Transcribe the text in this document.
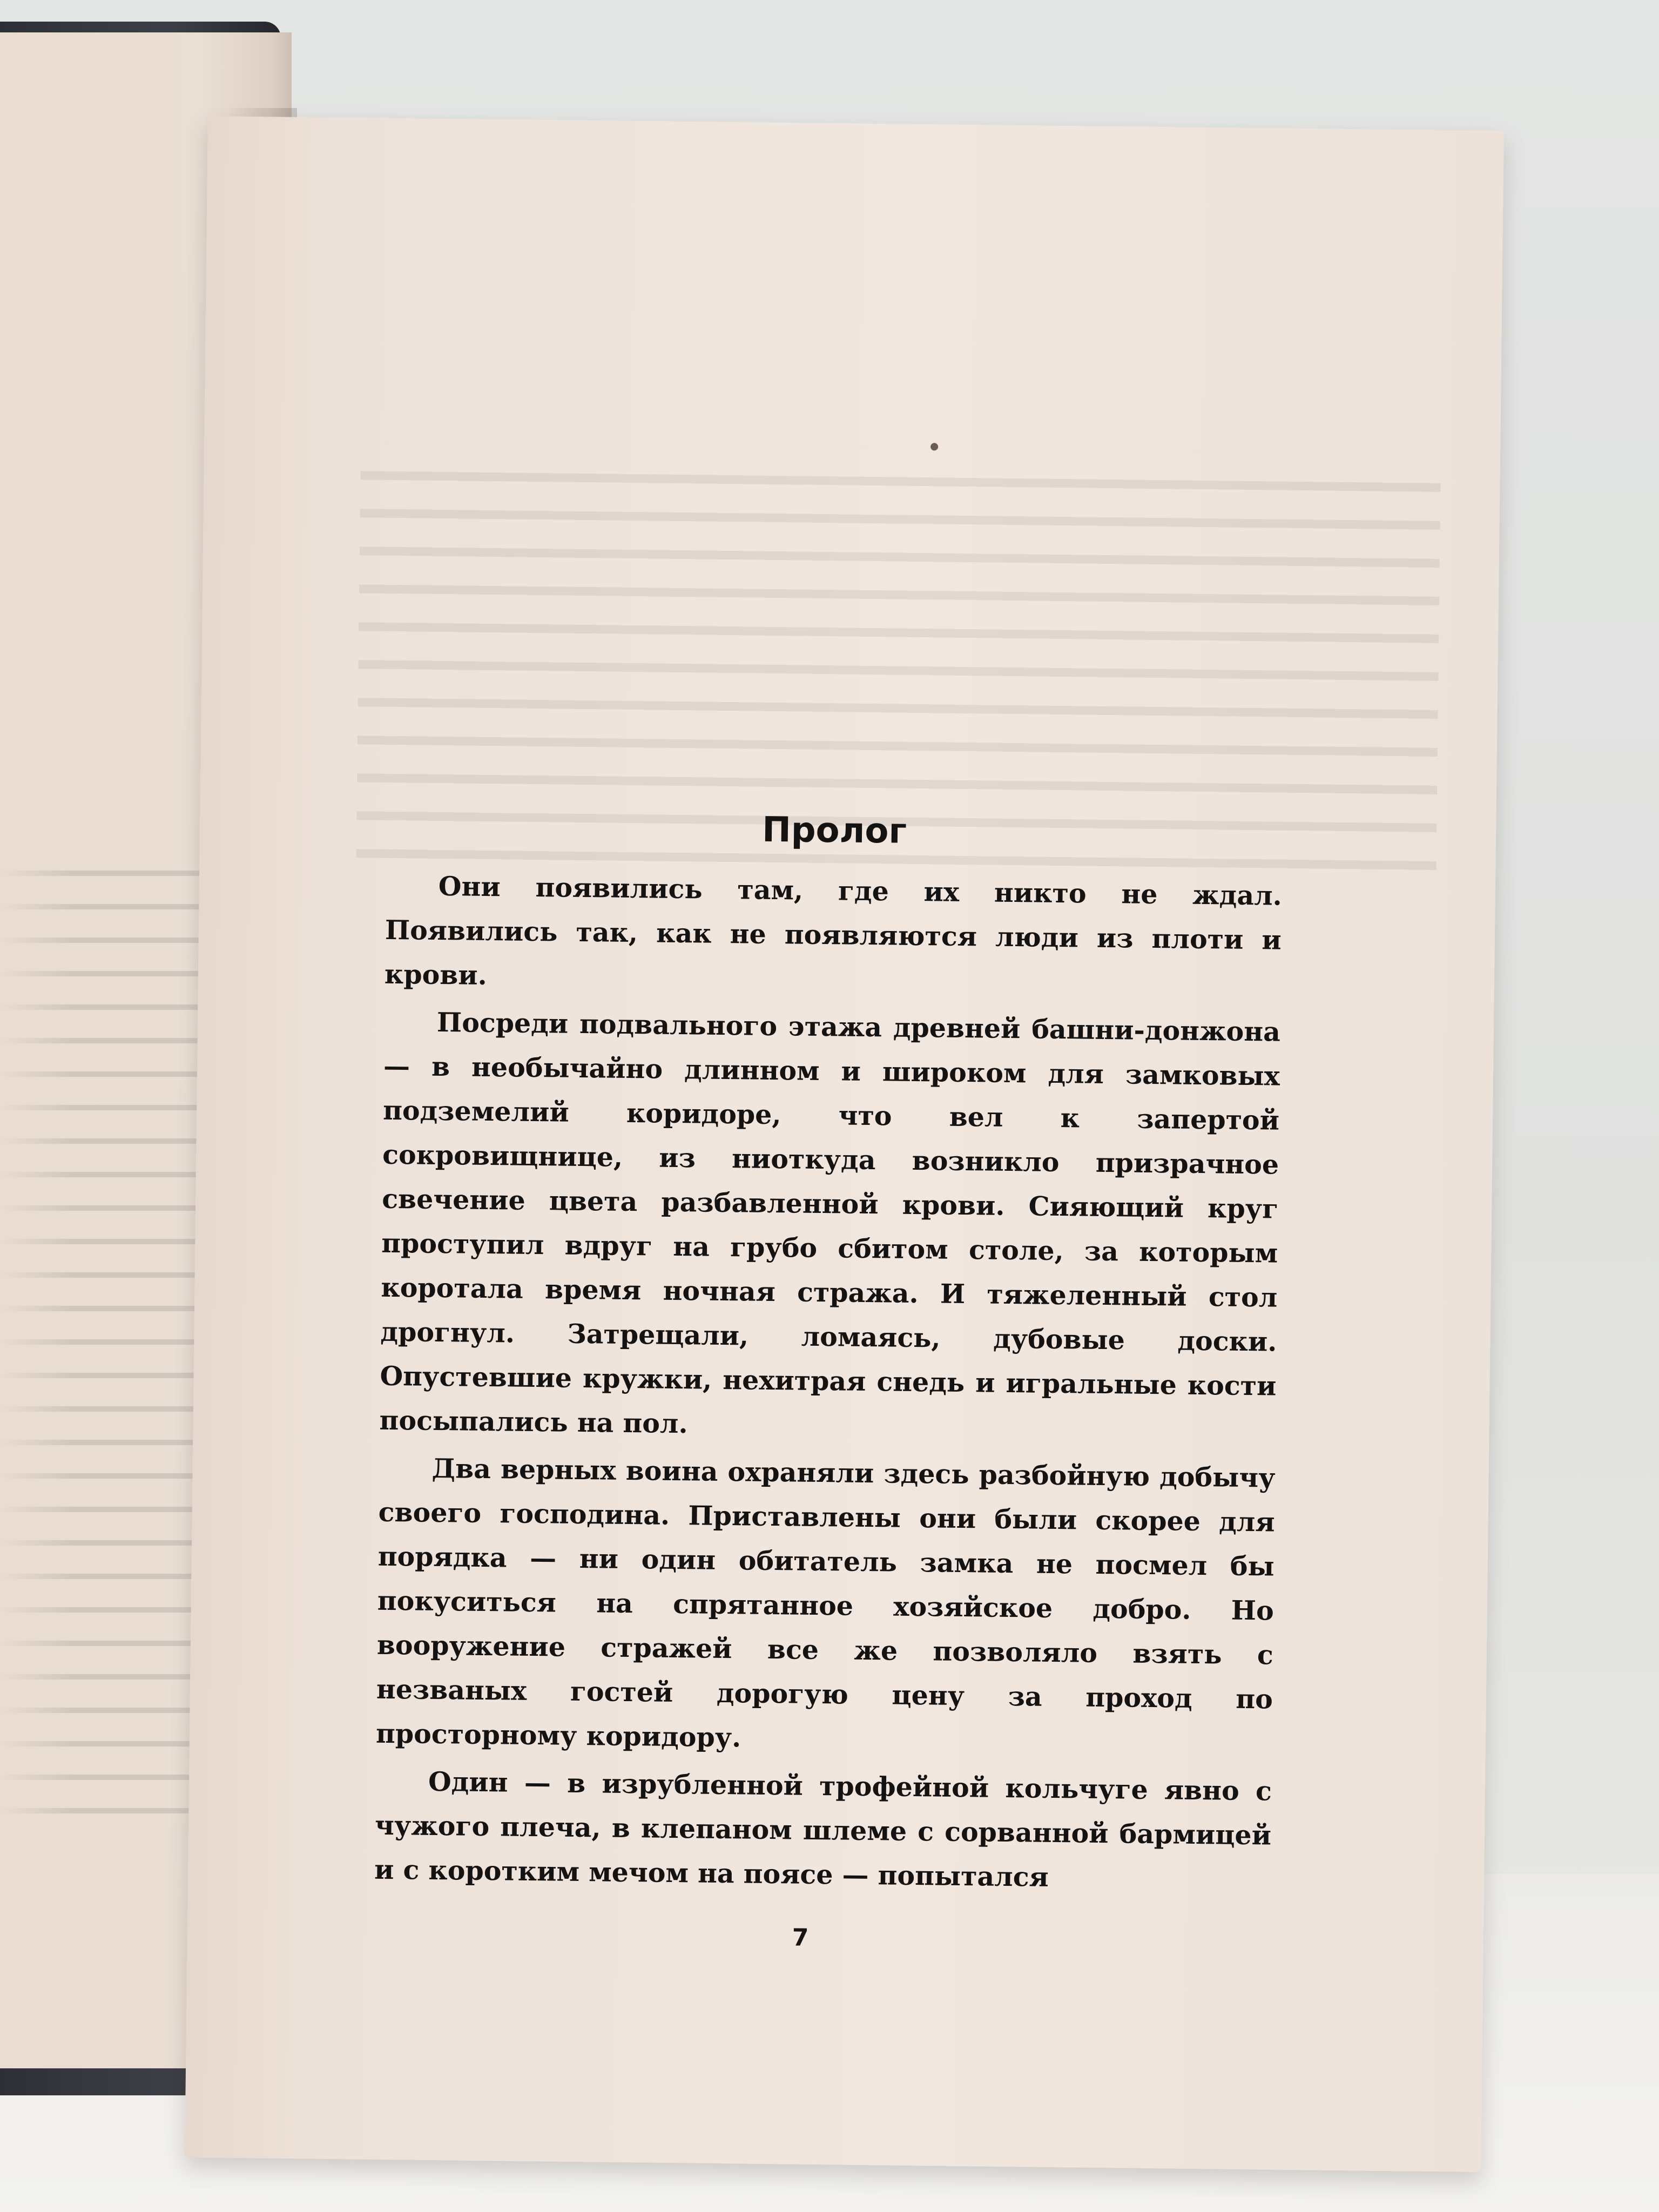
Пролог

Они появились там, где их никто не ждал. Появились так, как не появляются люди из плоти и крови.

Посреди подвального этажа древней башни-донжона — в необычайно длинном и широком для замковых подземелий коридоре, что вел к запертой сокровищнице, из ниоткуда возникло призрачное свечение цвета разбавленной крови. Сияющий круг проступил вдруг на грубо сбитом столе, за которым коротала время ночная стража. И тяжеленный стол дрогнул. Затрещали, ломаясь, дубовые доски. Опустевшие кружки, нехитрая снедь и игральные кости посыпались на пол.

Два верных воина охраняли здесь разбойную добычу своего господина. Приставлены они были скорее для порядка — ни один обитатель замка не посмел бы покуситься на спрятанное хозяйское добро. Но вооружение стражей все же позволяло взять с незваных гостей дорогую цену за проход по просторному коридору.

Один — в изрубленной трофейной кольчуге явно с чужого плеча, в клепаном шлеме с сорванной бармицей и с коротким мечом на поясе — попытался

7
